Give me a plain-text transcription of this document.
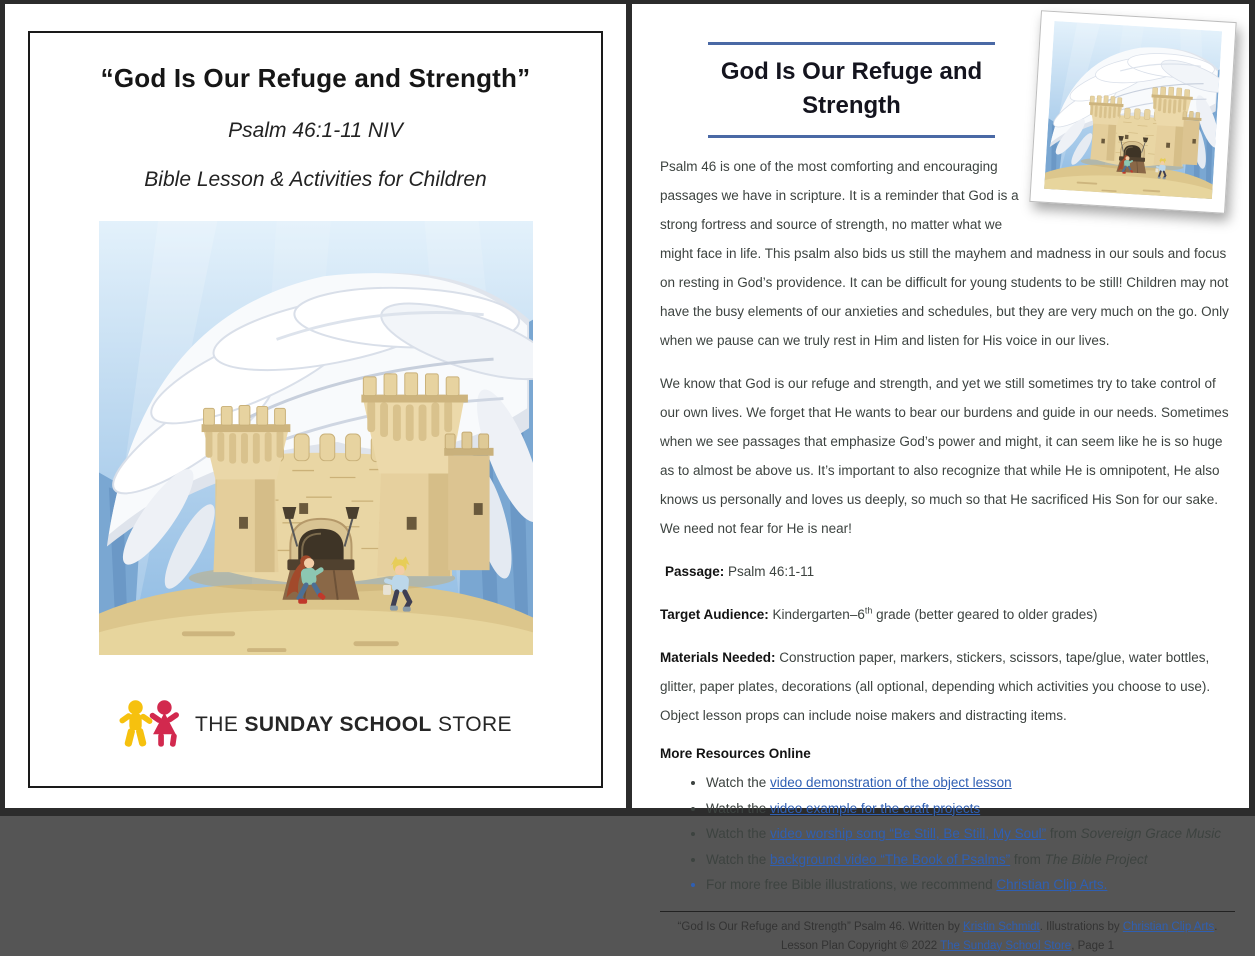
“God Is Our Refuge and Strength”
Psalm 46:1-11 NIV
Bible Lesson & Activities for Children
THE SUNDAY SCHOOL STORE
God Is Our Refuge and Strength

Psalm 46 is one of the most comforting and encouraging passages we have in scripture. It is a reminder that God is a strong fortress and source of strength, no matter what we might face in life. This psalm also bids us still the mayhem and madness in our souls and focus on resting in God’s providence. It can be difficult for young students to be still! Children may not have the busy elements of our anxieties and schedules, but they are very much on the go. Only when we pause can we truly rest in Him and listen for His voice in our lives.

We know that God is our refuge and strength, and yet we still sometimes try to take control of our own lives. We forget that He wants to bear our burdens and guide in our needs. Sometimes when we see passages that emphasize God’s power and might, it can seem like he is so huge as to almost be above us. It’s important to also recognize that while He is omnipotent, He also knows us personally and loves us deeply, so much so that He sacrificed His Son for our sake. We need not fear for He is near!

Passage: Psalm 46:1-11

Target Audience: Kindergarten–6th grade (better geared to older grades)

Materials Needed: Construction paper, markers, stickers, scissors, tape/glue, water bottles, glitter, paper plates, decorations (all optional, depending which activities you choose to use). Object lesson props can include noise makers and distracting items.

More Resources Online

• Watch the video demonstration of the object lesson
• Watch the video example for the craft projects
• Watch the video worship song “Be Still, Be Still, My Soul” from Sovereign Grace Music
• Watch the background video “The Book of Psalms” from The Bible Project
• For more free Bible illustrations, we recommend Christian Clip Arts.
“God Is Our Refuge and Strength” Psalm 46. Written by Kristin Schmidt. Illustrations by Christian Clip Arts.
Lesson Plan Copyright © 2022 The Sunday School Store, Page 1
